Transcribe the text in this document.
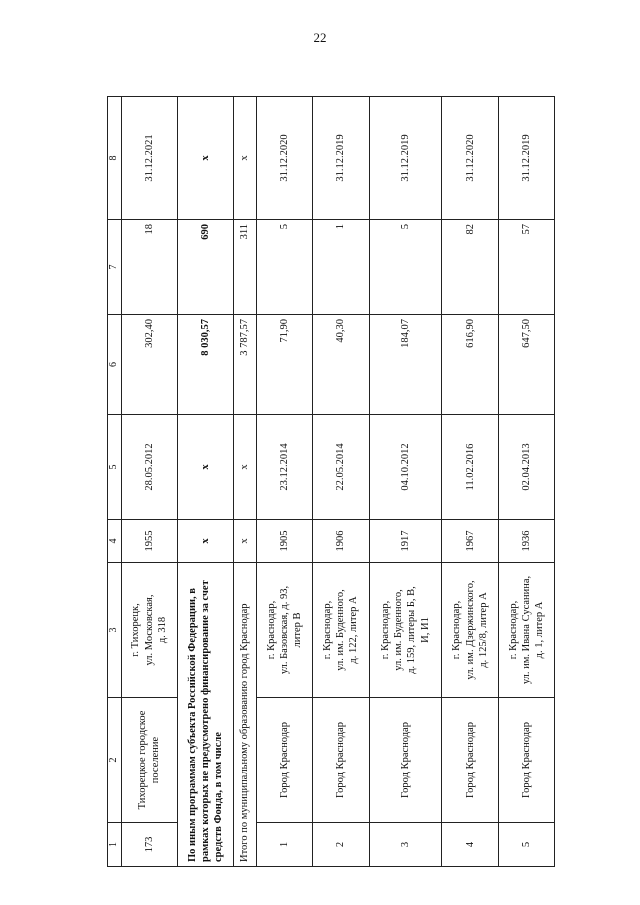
22
1	2	3	4	5	6	7	8
173	Тихорецкое городское поселение	г. Тихорецк, ул. Московская, д. 318	1955	28.05.2012	302,40	18	31.12.2021
По иным программам субъекта Российской Федерации, в рамках которых не предусмотрено финансирование за счет средств Фонда, в том числе			x	x	8 030,57	690	x
Итого по муниципальному образованию город Краснодар			x	x	3 787,57	311	x
1	Город Краснодар	г. Краснодар, ул. Базовская, д. 93, литер В	1905	23.12.2014	71,90	5	31.12.2020
2	Город Краснодар	г. Краснодар, ул. им. Буденного, д. 122, литер А	1906	22.05.2014	40,30	1	31.12.2019
3	Город Краснодар	г. Краснодар, ул. им. Буденного, д. 159, литеры Б, В, И, И1	1917	04.10.2012	184,07	5	31.12.2019
4	Город Краснодар	г. Краснодар, ул. им. Дзержинского, д. 125/8, литер А	1967	11.02.2016	616,90	82	31.12.2020
5	Город Краснодар	г. Краснодар, ул. им. Ивана Сусанина, д. 1, литер А	1936	02.04.2013	647,50	57	31.12.2019
